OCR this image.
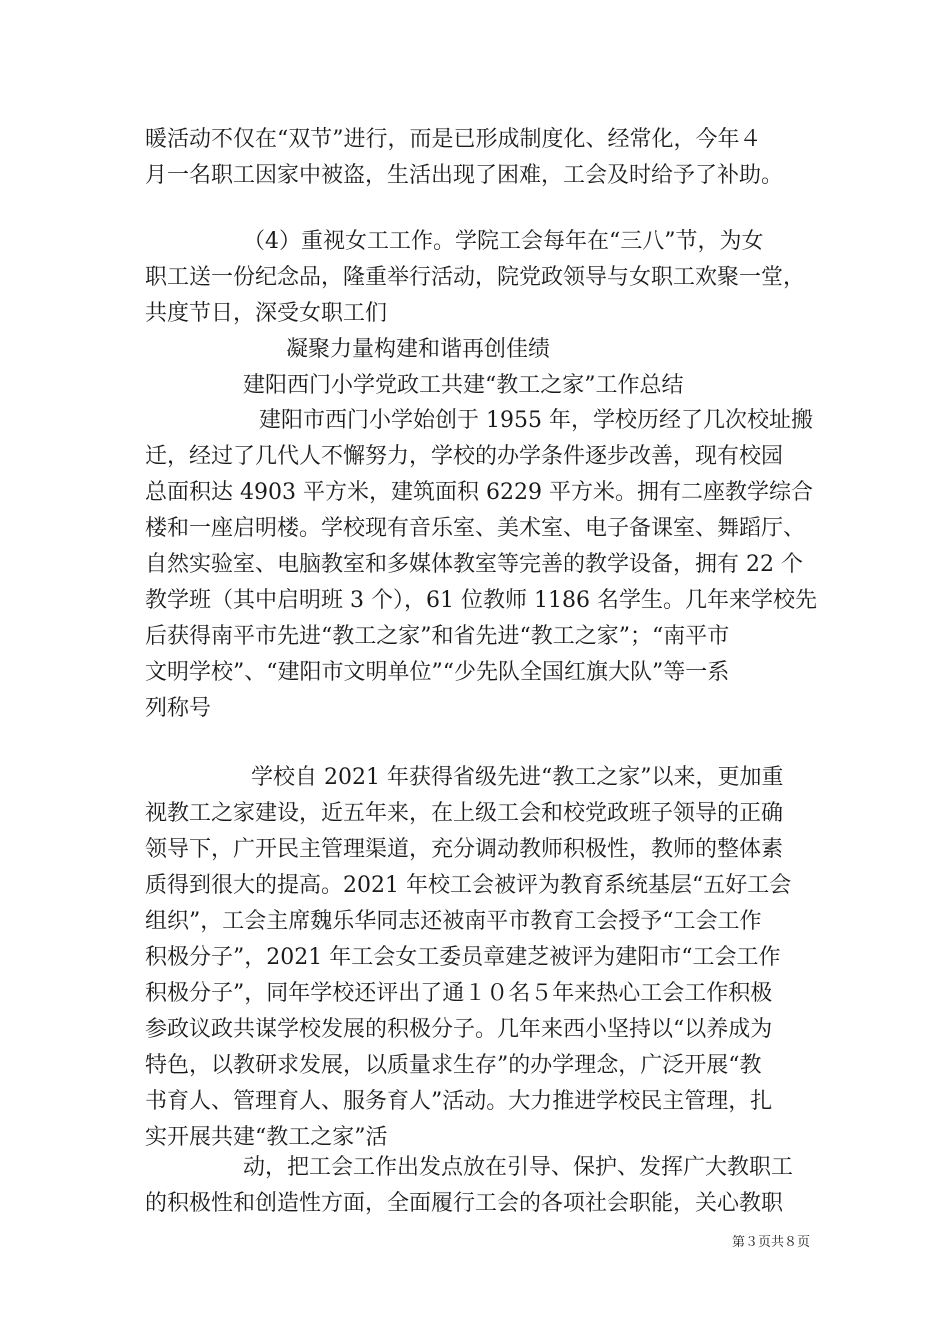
暖活动不仅在“双节”进行，而是已形成制度化、经常化，今年４
月一名职工因家中被盗，生活出现了困难，工会及时给予了补助。
（4）重视女工工作。学院工会每年在“三八”节，为女
职工送一份纪念品，隆重举行活动，院党政领导与女职工欢聚一堂，
共度节日，深受女职工们
凝聚力量构建和谐再创佳绩
建阳西门小学党政工共建“教工之家”工作总结
建阳市西门小学始创于 1955 年，学校历经了几次校址搬
迁，经过了几代人不懈努力，学校的办学条件逐步改善，现有校园
总面积达 4903 平方米，建筑面积 6229 平方米。拥有二座教学综合
楼和一座启明楼。学校现有音乐室、美术室、电子备课室、舞蹈厅、
自然实验室、电脑教室和多媒体教室等完善的教学设备，拥有 22 个
教学班（其中启明班 3 个），61 位教师 1186 名学生。几年来学校先
后获得南平市先进“教工之家”和省先进“教工之家”；“南平市
文明学校”、“建阳市文明单位”“少先队全国红旗大队”等一系
列称号
学校自 2021 年获得省级先进“教工之家”以来，更加重
视教工之家建设，近五年来，在上级工会和校党政班子领导的正确
领导下，广开民主管理渠道，充分调动教师积极性，教师的整体素
质得到很大的提高。2021 年校工会被评为教育系统基层“五好工会
组织”，工会主席魏乐华同志还被南平市教育工会授予“工会工作
积极分子”，2021 年工会女工委员章建芝被评为建阳市“工会工作
积极分子”，同年学校还评出了通１０名５年来热心工会工作积极
参政议政共谋学校发展的积极分子。几年来西小坚持以“以养成为
特色，以教研求发展，以质量求生存”的办学理念，广泛开展“教
书育人、管理育人、服务育人”活动。大力推进学校民主管理，扎
实开展共建“教工之家”活
动，把工会工作出发点放在引导、保护、发挥广大教职工
的积极性和创造性方面，全面履行工会的各项社会职能，关心教职
第３页共８页
